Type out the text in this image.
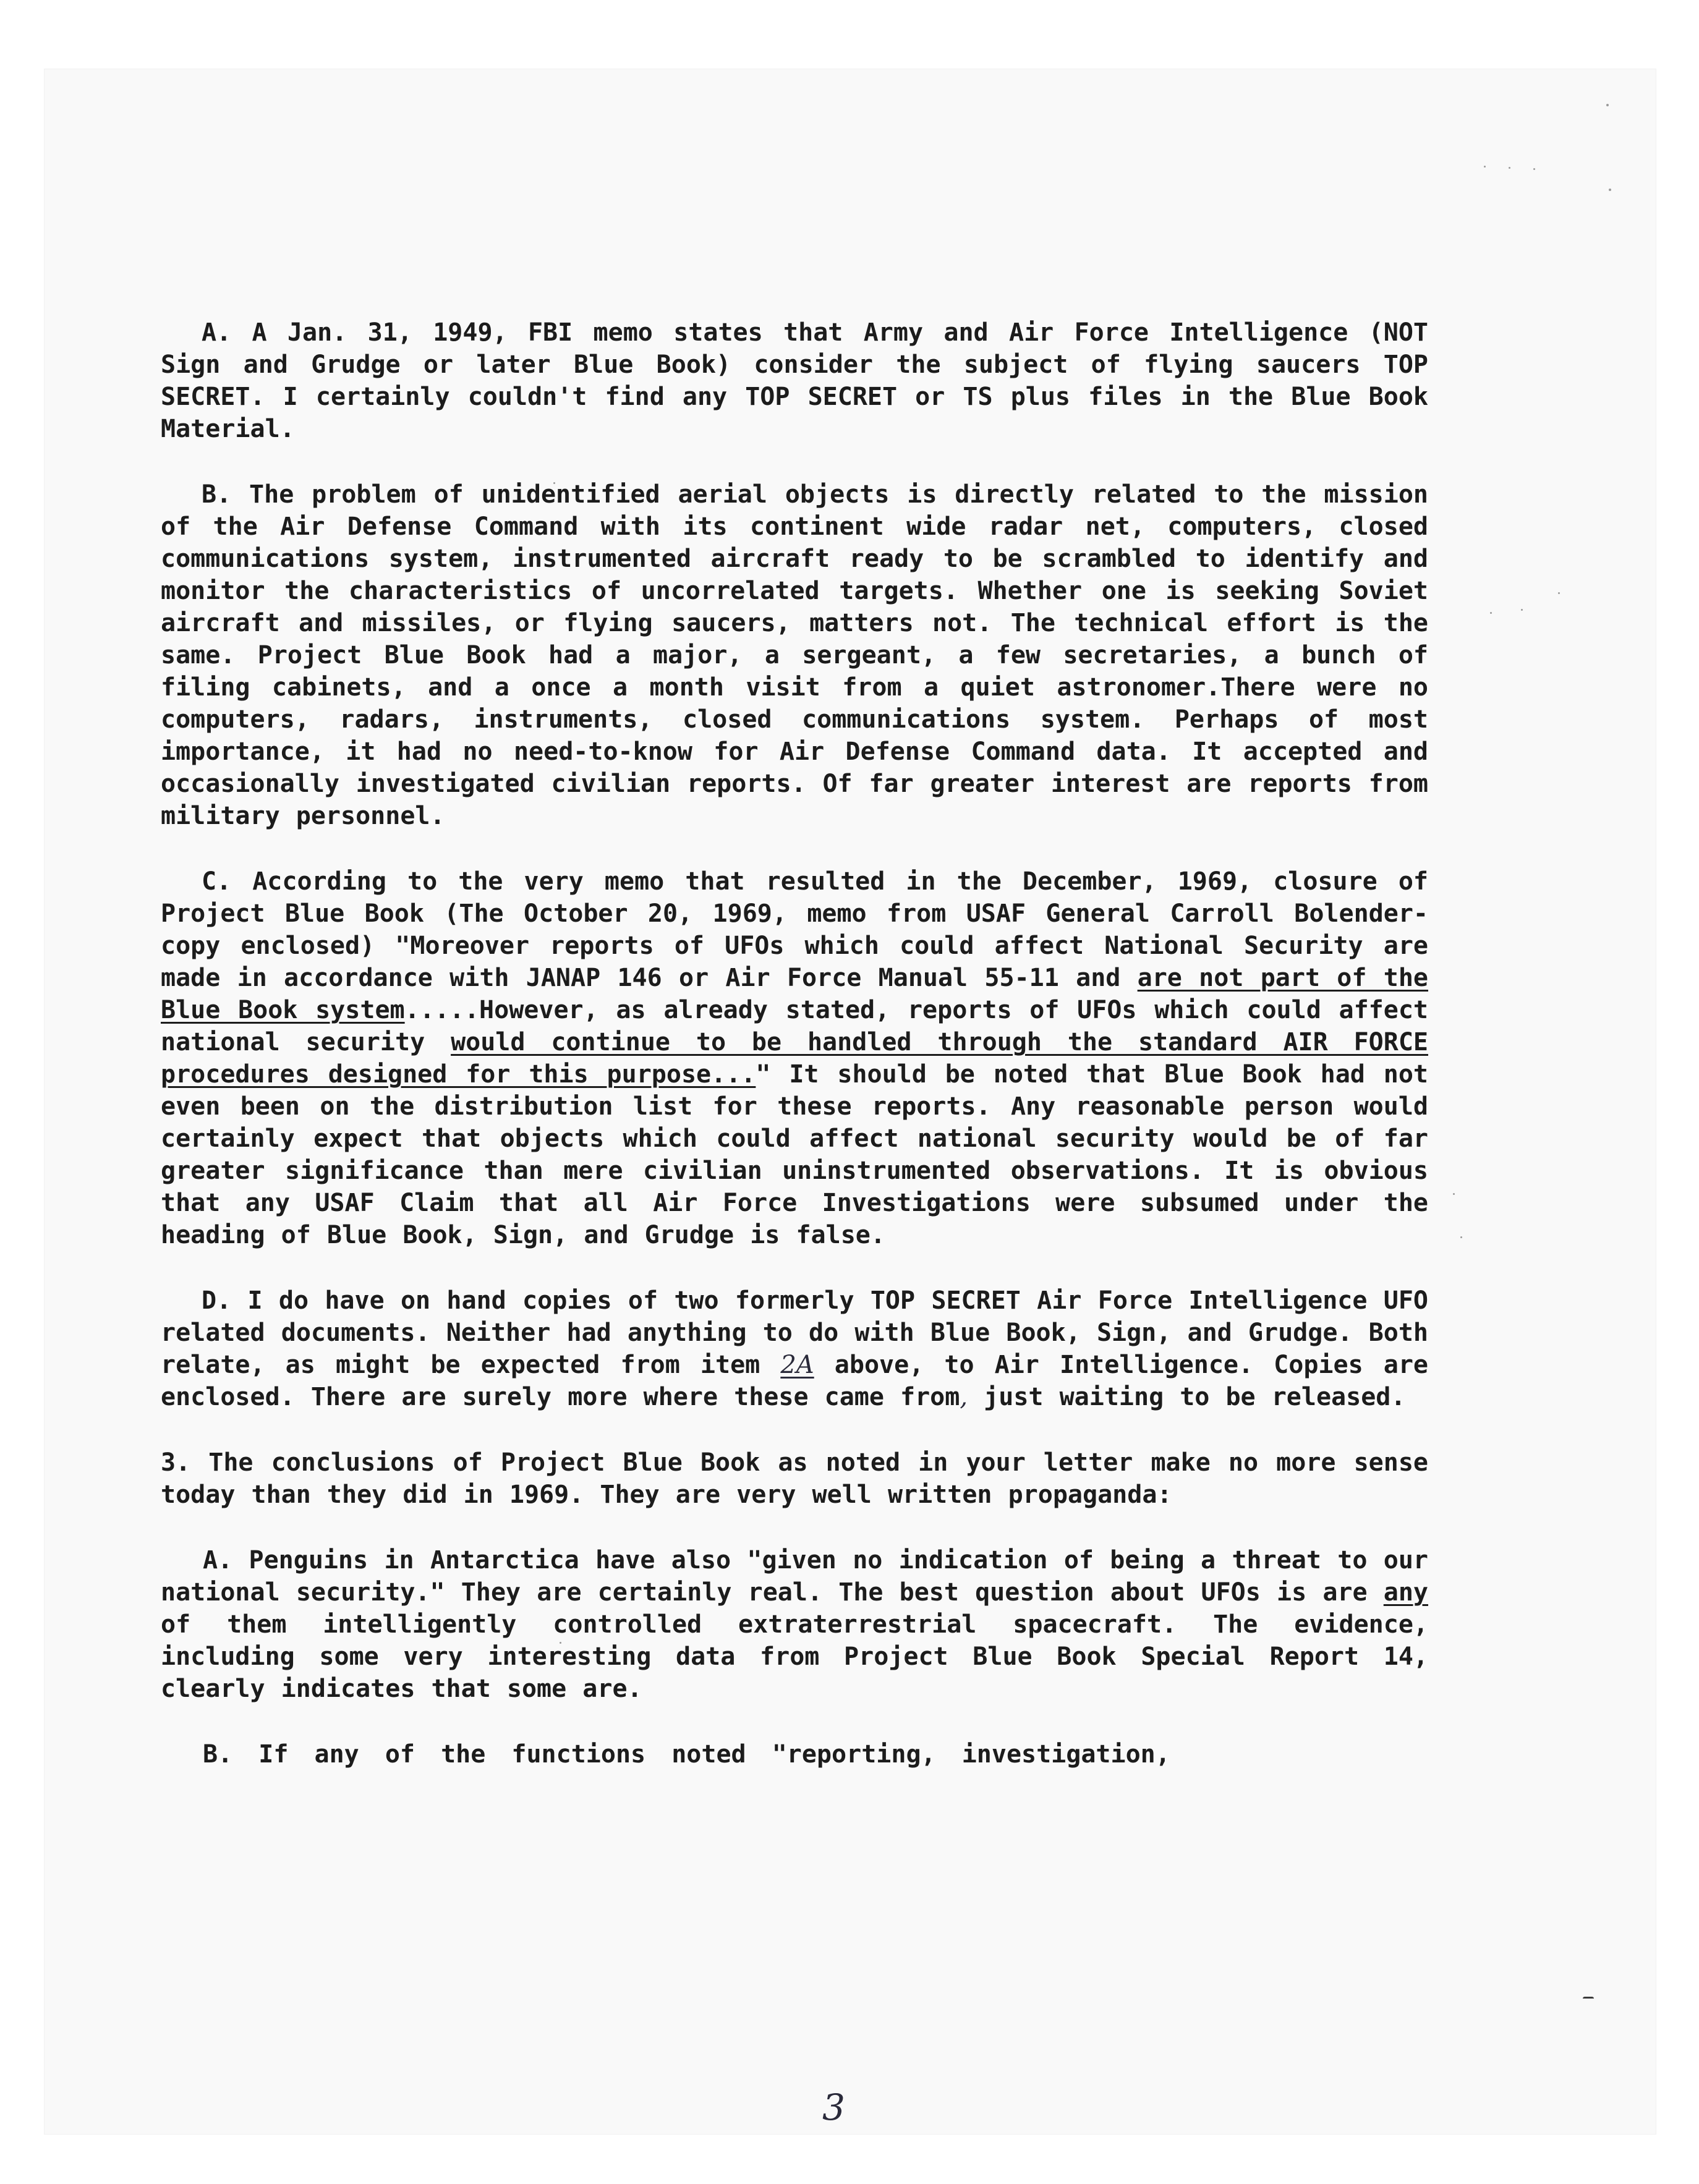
A. A Jan. 31, 1949, FBI memo states that Army and Air Force Intelligence (NOT Sign and Grudge or later Blue Book) consider the subject of flying saucers TOP SECRET. I certainly couldn't find any TOP SECRET or TS plus files in the Blue Book Material.

B. The problem of unidentified aerial objects is directly related to the mission of the Air Defense Command with its continent wide radar net, computers, closed communications system, instrumented aircraft ready to be scrambled to identify and monitor the characteristics of uncorrelated targets. Whether one is seeking Soviet aircraft and missiles, or flying saucers, matters not. The technical effort is the same. Project Blue Book had a major, a sergeant, a few secretaries, a bunch of filing cabinets, and a once a month visit from a quiet astronomer.There were no computers, radars, instruments, closed communications system. Perhaps of most importance, it had no need-to-know for Air Defense Command data. It accepted and occasionally investigated civilian reports. Of far greater interest are reports from military personnel.

C. According to the very memo that resulted in the December, 1969, closure of Project Blue Book (The October 20, 1969, memo from USAF General Carroll Bolender- copy enclosed) "Moreover reports of UFOs which could affect National Security are made in accordance with JANAP 146 or Air Force Manual 55-11 and are not part of the Blue Book system.....However, as already stated, reports of UFOs which could affect national security would continue to be handled through the standard AIR FORCE procedures designed for this purpose..." It should be noted that Blue Book had not even been on the distribution list for these reports. Any reasonable person would certainly expect that objects which could affect national security would be of far greater significance than mere civilian uninstrumented observations. It is obvious that any USAF Claim that all Air Force Investigations were subsumed under the heading of Blue Book, Sign, and Grudge is false.

D. I do have on hand copies of two formerly TOP SECRET Air Force Intelligence UFO related documents. Neither had anything to do with Blue Book, Sign, and Grudge. Both relate, as might be expected from item 2A above, to Air Intelligence. Copies are enclosed. There are surely more where these came from, just waiting to be released.

3. The conclusions of Project Blue Book as noted in your letter make no more sense today than they did in 1969. They are very well written propaganda:

A. Penguins in Antarctica have also "given no indication of being a threat to our national security." They are certainly real. The best question about UFOs is are any of them intelligently controlled extraterrestrial spacecraft. The evidence, including some very interesting data from Project Blue Book Special Report 14, clearly indicates that some are.

B. If any of the functions noted "reporting, investigation,

3
